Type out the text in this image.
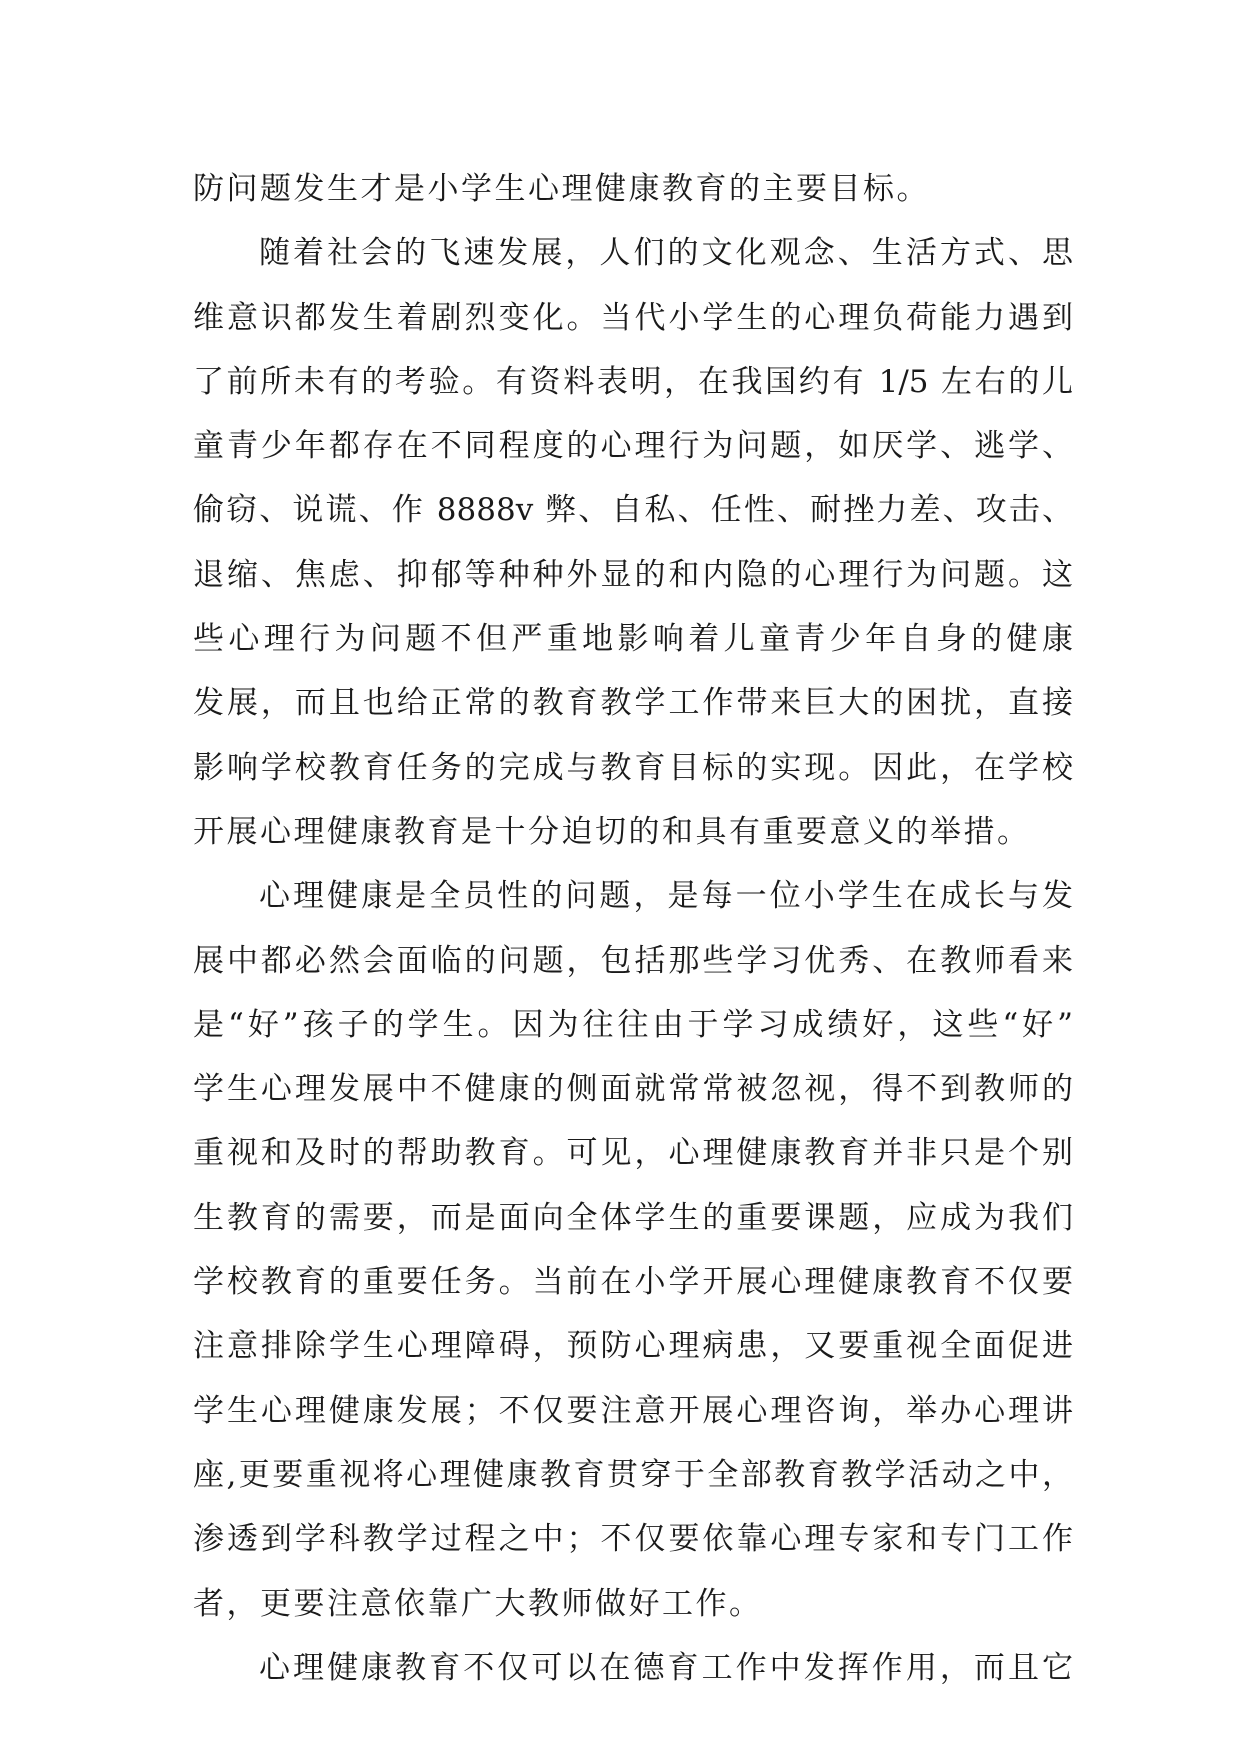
防问题发生才是小学生心理健康教育的主要目标。
随着社会的飞速发展，人们的文化观念、生活方式、思
维意识都发生着剧烈变化。当代小学生的心理负荷能力遇到
了前所未有的考验。有资料表明，在我国约有 1/5 左右的儿
童青少年都存在不同程度的心理行为问题，如厌学、逃学、
偷窃、说谎、作 8888v 弊、自私、任性、耐挫力差、攻击、
退缩、焦虑、抑郁等种种外显的和内隐的心理行为问题。这
些心理行为问题不但严重地影响着儿童青少年自身的健康
发展，而且也给正常的教育教学工作带来巨大的困扰，直接
影响学校教育任务的完成与教育目标的实现。因此，在学校
开展心理健康教育是十分迫切的和具有重要意义的举措。
心理健康是全员性的问题，是每一位小学生在成长与发
展中都必然会面临的问题，包括那些学习优秀、在教师看来
是“好”孩子的学生。因为往往由于学习成绩好，这些“好”
学生心理发展中不健康的侧面就常常被忽视，得不到教师的
重视和及时的帮助教育。可见，心理健康教育并非只是个别
生教育的需要，而是面向全体学生的重要课题，应成为我们
学校教育的重要任务。当前在小学开展心理健康教育不仅要
注意排除学生心理障碍，预防心理病患，又要重视全面促进
学生心理健康发展；不仅要注意开展心理咨询，举办心理讲
座,更要重视将心理健康教育贯穿于全部教育教学活动之中，
渗透到学科教学过程之中；不仅要依靠心理专家和专门工作
者，更要注意依靠广大教师做好工作。
心理健康教育不仅可以在德育工作中发挥作用，而且它
